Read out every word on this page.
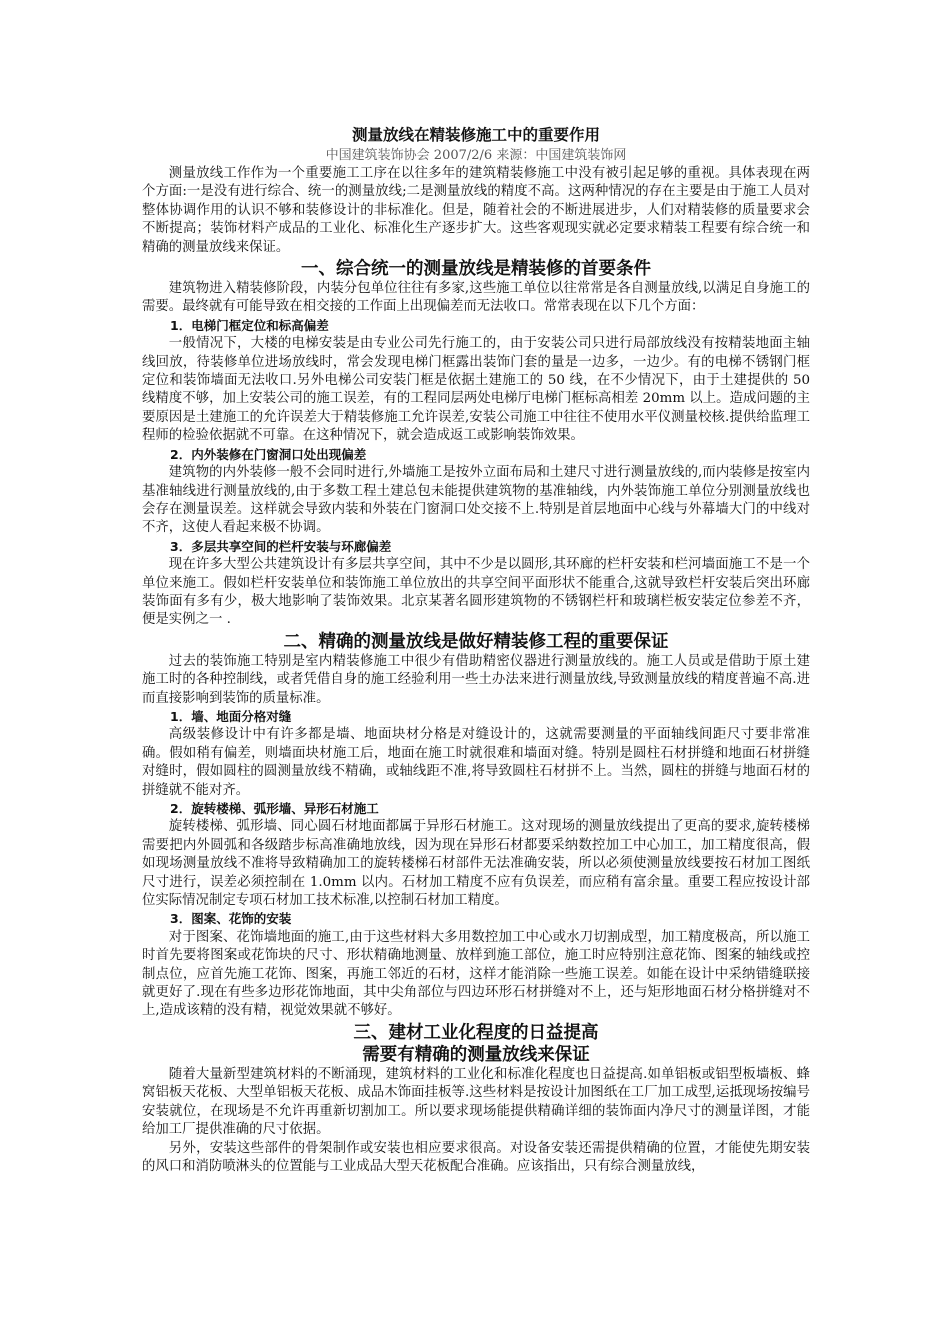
测量放线在精装修施工中的重要作用
中国建筑装饰协会 2007/2/6 来源：中国建筑装饰网

测量放线工作作为一个重要施工工序在以往多年的建筑精装修施工中没有被引起足够的重视。具体表现在两个方面:一是没有进行综合、统一的测量放线;二是测量放线的精度不高。这两种情况的存在主要是由于施工人员对整体协调作用的认识不够和装修设计的非标准化。但是，随着社会的不断进展进步，人们对精装修的质量要求会不断提高；装饰材料产成品的工业化、标准化生产逐步扩大。这些客观现实就必定要求精装工程要有综合统一和精确的测量放线来保证。

一、综合统一的测量放线是精装修的首要条件

建筑物进入精装修阶段，内装分包单位往往有多家,这些施工单位以往常常是各自测量放线,以满足自身施工的需要。最终就有可能导致在相交接的工作面上出现偏差而无法收口。常常表现在以下几个方面：

1．电梯门框定位和标高偏差

一般情况下，大楼的电梯安装是由专业公司先行施工的，由于安装公司只进行局部放线没有按精装地面主轴线回放，待装修单位进场放线时，常会发现电梯门框露出装饰门套的量是一边多，一边少。有的电梯不锈钢门框定位和装饰墙面无法收口.另外电梯公司安装门框是依据土建施工的 50 线，在不少情况下，由于土建提供的 50 线精度不够，加上安装公司的施工误差，有的工程同层两处电梯厅电梯门框标高相差 20mm 以上。造成问题的主要原因是土建施工的允许误差大于精装修施工允许误差,安装公司施工中往往不使用水平仪测量校核.提供给监理工程师的检验依据就不可靠。在这种情况下，就会造成返工或影响装饰效果。

2．内外装修在门窗洞口处出现偏差

建筑物的内外装修一般不会同时进行,外墙施工是按外立面布局和土建尺寸进行测量放线的,而内装修是按室内基准轴线进行测量放线的,由于多数工程土建总包未能提供建筑物的基准轴线，内外装饰施工单位分别测量放线也会存在测量误差。这样就会导致内装和外装在门窗洞口处交接不上.特别是首层地面中心线与外幕墙大门的中线对不齐，这使人看起来极不协调。

3．多层共享空间的栏杆安装与环廊偏差

现在许多大型公共建筑设计有多层共享空间，其中不少是以圆形,其环廊的栏杆安装和栏河墙面施工不是一个单位来施工。假如栏杆安装单位和装饰施工单位放出的共享空间平面形状不能重合,这就导致栏杆安装后突出环廊装饰面有多有少，极大地影响了装饰效果。北京某著名圆形建筑物的不锈钢栏杆和玻璃栏板安装定位参差不齐，便是实例之一 .

二、精确的测量放线是做好精装修工程的重要保证

过去的装饰施工特别是室内精装修施工中很少有借助精密仪器进行测量放线的。施工人员或是借助于原土建施工时的各种控制线，或者凭借自身的施工经验利用一些土办法来进行测量放线,导致测量放线的精度普遍不高.进而直接影响到装饰的质量标准。

1．墙、地面分格对缝

高级装修设计中有许多都是墙、地面块材分格是对缝设计的，这就需要测量的平面轴线间距尺寸要非常准确。假如稍有偏差，则墙面块材施工后，地面在施工时就很难和墙面对缝。特别是圆柱石材拼缝和地面石材拼缝对缝时，假如圆柱的圆测量放线不精确，或轴线距不准,将导致圆柱石材拼不上。当然，圆柱的拼缝与地面石材的拼缝就不能对齐。

2．旋转楼梯、弧形墙、异形石材施工

旋转楼梯、弧形墙、同心圆石材地面都属于异形石材施工。这对现场的测量放线提出了更高的要求,旋转楼梯需要把内外圆弧和各级踏步标高准确地放线，因为现在异形石材都要采纳数控加工中心加工，加工精度很高，假如现场测量放线不准将导致精确加工的旋转楼梯石材部件无法准确安装，所以必须使测量放线要按石材加工图纸尺寸进行，误差必须控制在 1.0mm 以内。石材加工精度不应有负误差，而应稍有富余量。重要工程应按设计部位实际情况制定专项石材加工技术标准,以控制石材加工精度。

3．图案、花饰的安装

对于图案、花饰墙地面的施工,由于这些材料大多用数控加工中心或水刀切割成型，加工精度极高，所以施工时首先要将图案或花饰块的尺寸、形状精确地测量、放样到施工部位，施工时应特别注意花饰、图案的轴线或控制点位，应首先施工花饰、图案，再施工邻近的石材，这样才能消除一些施工误差。如能在设计中采纳错缝联接就更好了.现在有些多边形花饰地面，其中尖角部位与四边环形石材拼缝对不上，还与矩形地面石材分格拼缝对不上,造成该精的没有精，视觉效果就不够好。

三、建材工业化程度的日益提高
需要有精确的测量放线来保证

随着大量新型建筑材料的不断涌现，建筑材料的工业化和标准化程度也日益提高.如单铝板或铝型板墙板、蜂窝铝板天花板、大型单铝板天花板、成品木饰面挂板等.这些材料是按设计加图纸在工厂加工成型,运抵现场按编号安装就位，在现场是不允许再重新切割加工。所以要求现场能提供精确详细的装饰面内净尺寸的测量详图，才能给加工厂提供准确的尺寸依据。

另外，安装这些部件的骨架制作或安装也相应要求很高。对设备安装还需提供精确的位置，才能使先期安装的风口和消防喷淋头的位置能与工业成品大型天花板配合准确。应该指出，只有综合测量放线，
